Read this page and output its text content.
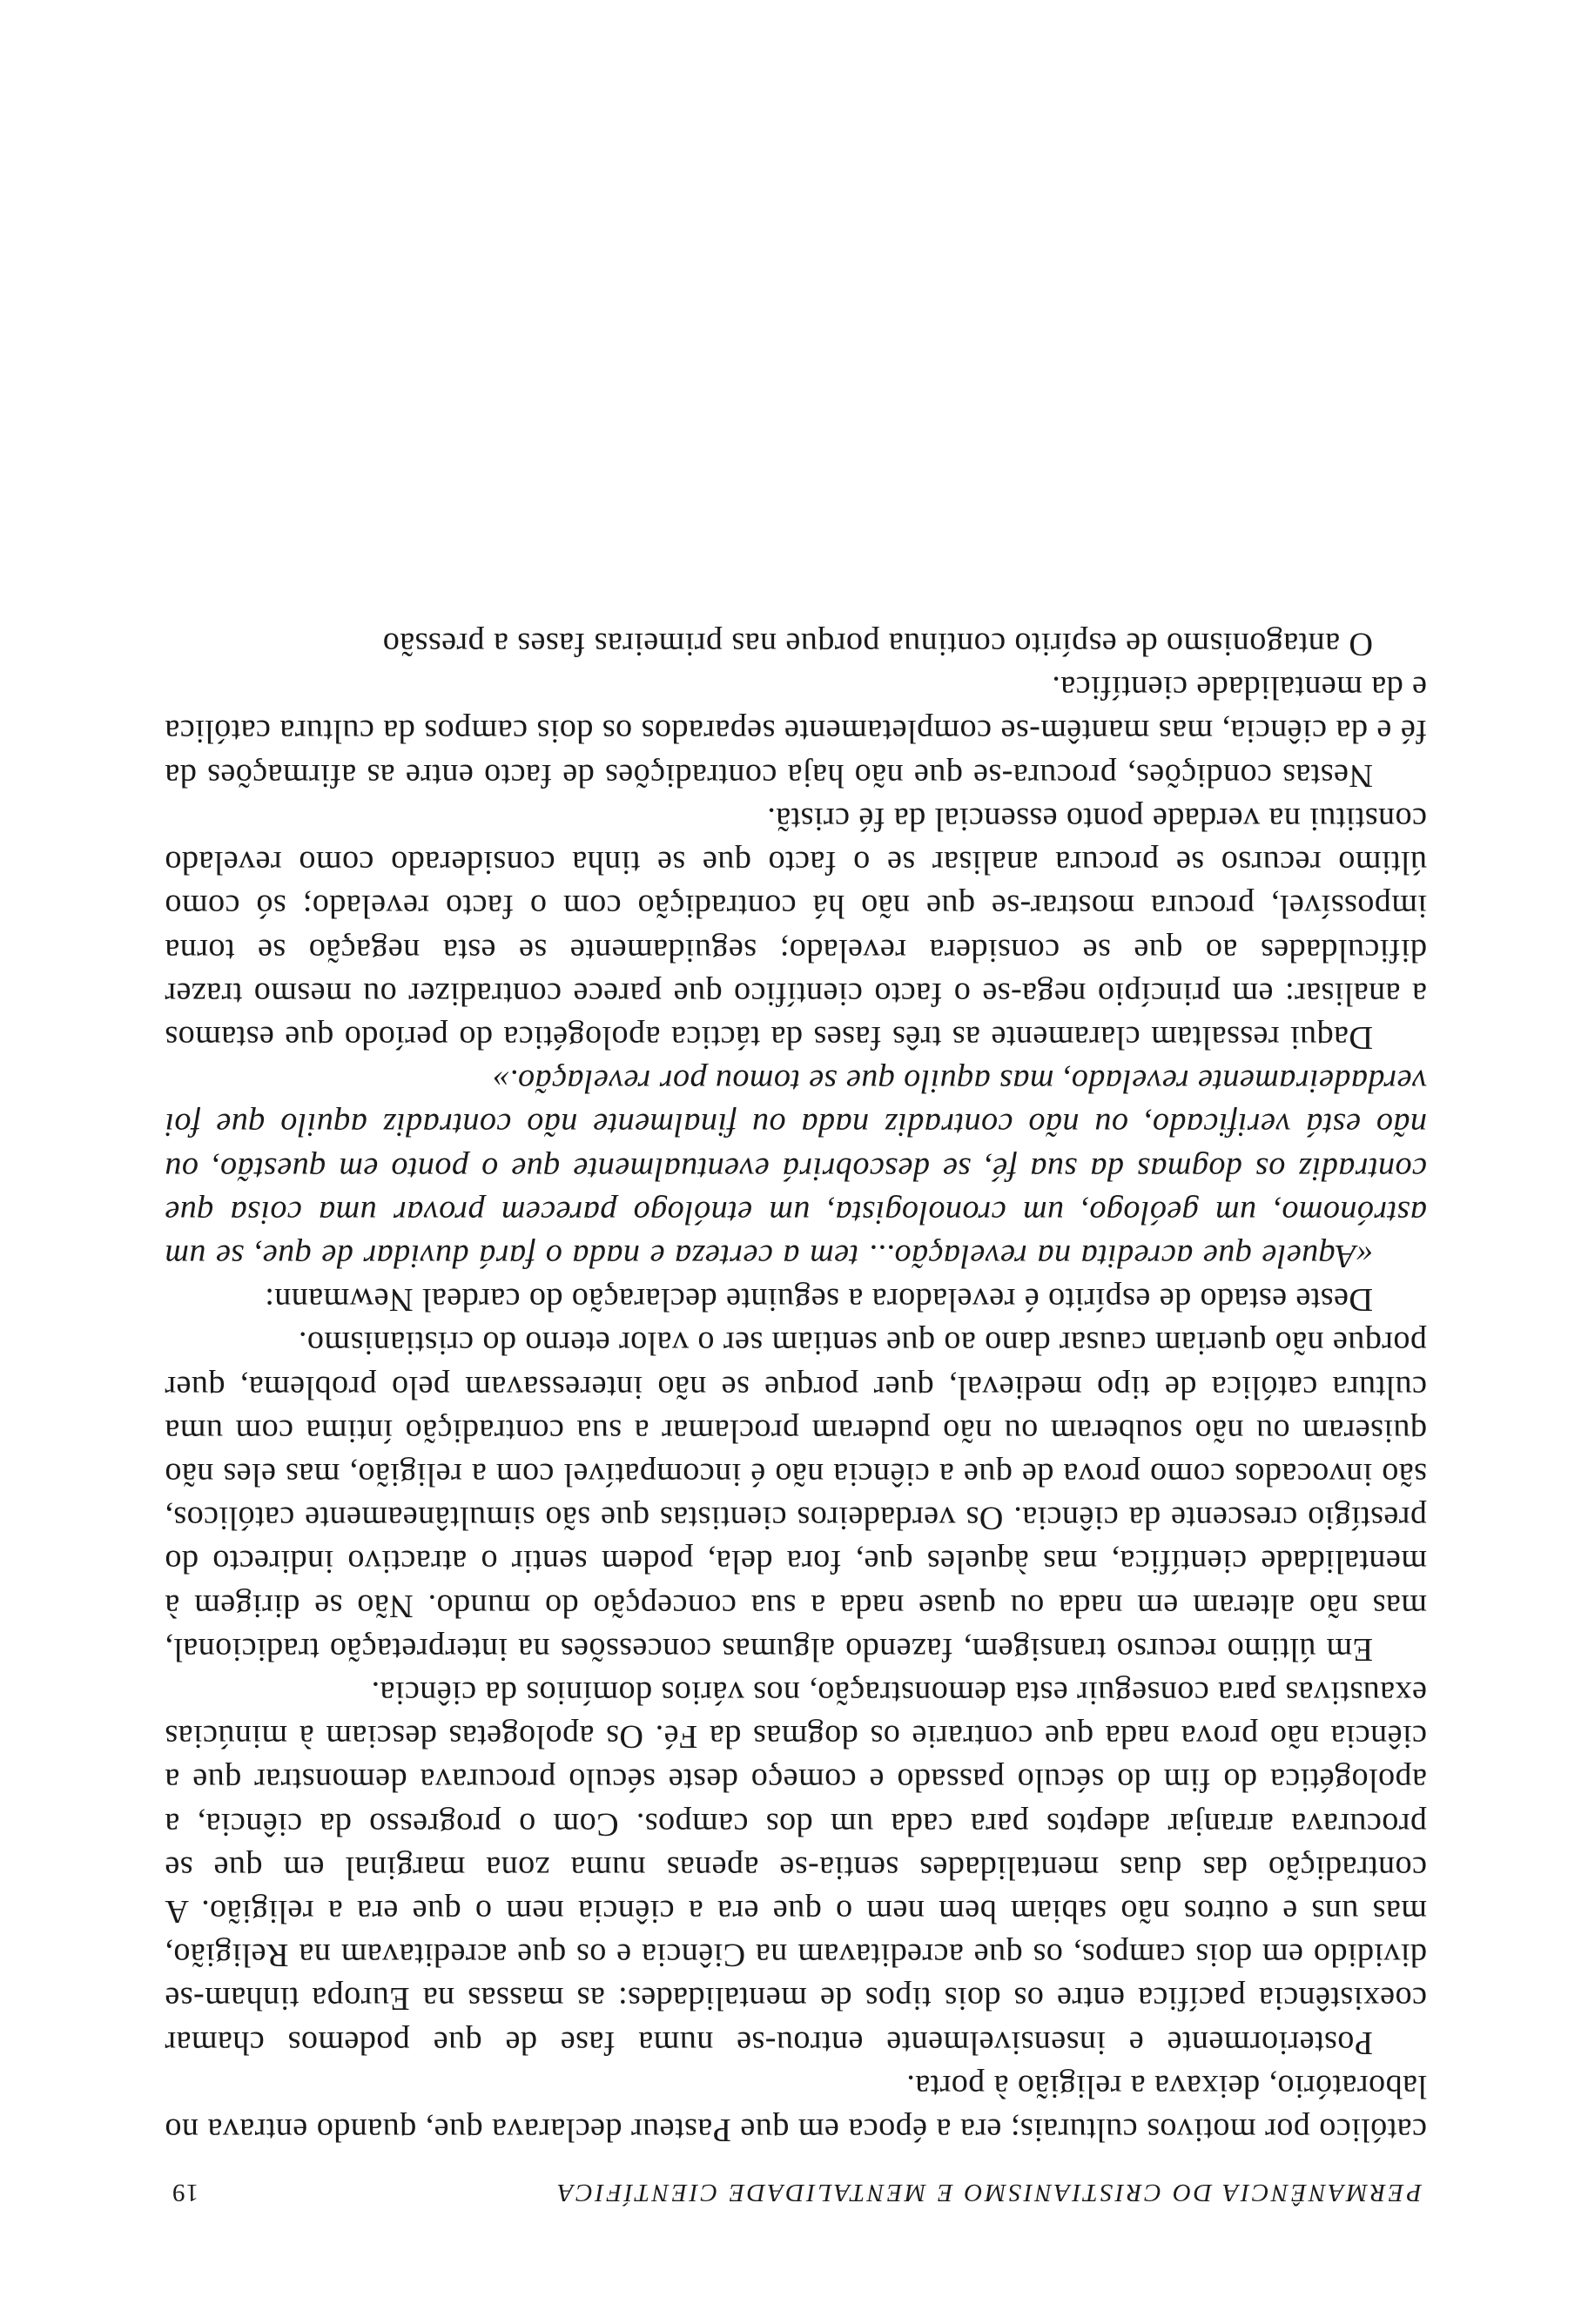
PERMANÊNCIA DO CRISTIANISMO E MENTALIDADE CIENTÍFICA
19

católico por motivos culturais; era a época em que Pasteur declarava que, quando entrava no laboratório, deixava a religião à porta.

Posteriormente e insensivelmente entrou-se numa fase de que podemos chamar coexistência pacífica entre os dois tipos de mentalidades: as massas na Europa tinham-se dividido em dois campos, os que acreditavam na Ciência e os que acreditavam na Religião, mas uns e outros não sabiam bem nem o que era a ciência nem o que era a religião. A contradição das duas mentalidades sentia-se apenas numa zona marginal em que se procurava arranjar adeptos para cada um dos campos. Com o progresso da ciência, a apologética do fim do século passado e começo deste século procurava demonstrar que a ciência não prova nada que contrarie os dogmas da Fé. Os apologetas desciam à minúcias exaustivas para conseguir esta demonstração, nos vários domínios da ciência.

Em último recurso transigem, fazendo algumas concessões na interpretação tradicional, mas não alteram em nada ou quase nada a sua concepção do mundo. Não se dirigem à mentalidade científica, mas àqueles que, fora dela, podem sentir o atractivo indirecto do prestígio crescente da ciência. Os verdadeiros cientistas que são simultâneamente católicos, são invocados como prova de que a ciência não é incompatível com a religião, mas eles não quiseram ou não souberam ou não puderam proclamar a sua contradição íntima com uma cultura católica de tipo medieval, quer porque se não interessavam pelo problema, quer porque não queriam causar dano ao que sentiam ser o valor eterno do cristianismo.

Deste estado de espírito é reveladora a seguinte declaração do cardeal Newmann:

«Aquele que acredita na revelação... tem a certeza e nada o fará duvidar de que, se um astrónomo, um geólogo, um cronologista, um etnólogo parecem provar uma coisa que contradiz os dogmas da sua fé, se descobrirá eventualmente que o ponto em questão, ou não está verificado, ou não contradiz nada ou finalmente não contradiz aquilo que foi verdadeiramente revelado, mas aquilo que se tomou por revelação.»

Daqui ressaltam claramente as três fases da táctica apologética do período que estamos a analisar: em princípio nega-se o facto científico que parece contradizer ou mesmo trazer dificuldades ao que se considera revelado; seguidamente se esta negação se torna impossível, procura mostrar-se que não há contradição com o facto revelado; só como último recurso se procura analisar se o facto que se tinha considerado como revelado constitui na verdade ponto essencial da fé cristã.

Nestas condições, procura-se que não haja contradições de facto entre as afirmações da fé e da ciência, mas mantêm-se completamente separados os dois campos da cultura católica e da mentalidade científica.

O antagonismo de espírito continua porque nas primeiras fases a pressão
